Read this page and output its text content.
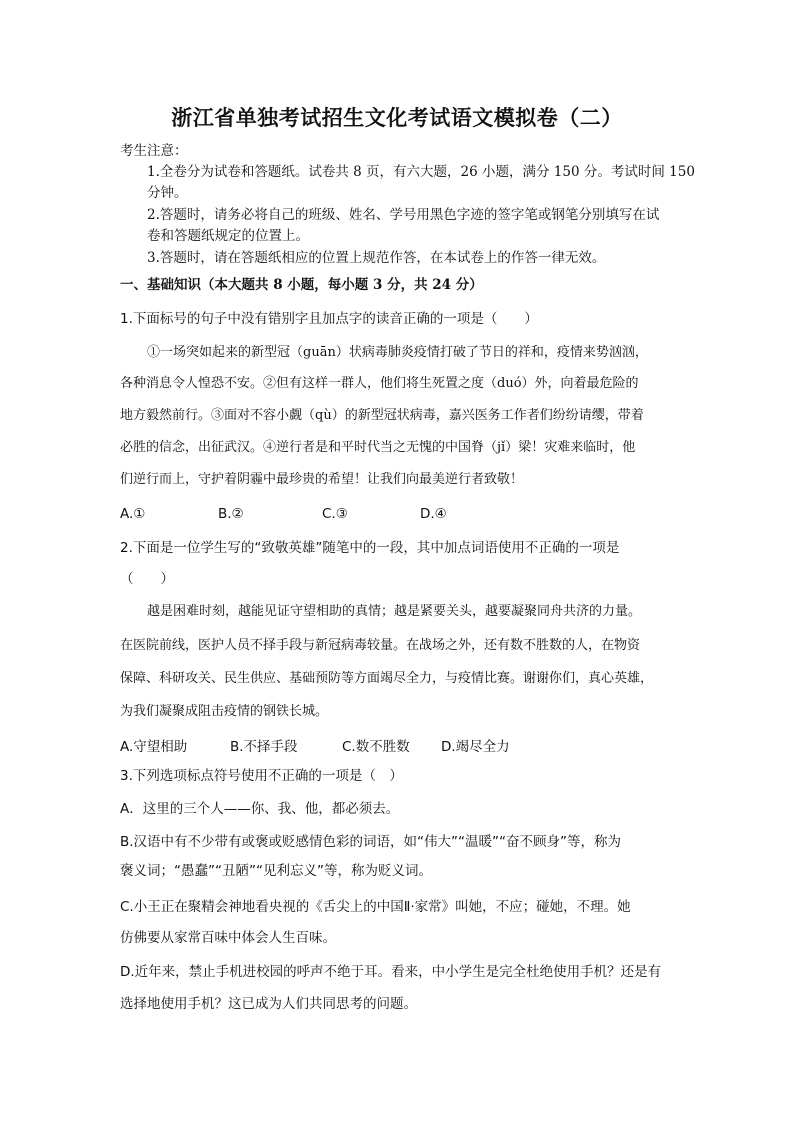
浙江省单独考试招生文化考试语文模拟卷（二）
考生注意：
1.全卷分为试卷和答题纸。试卷共 8 页，有六大题，26 小题，满分 150 分。考试时间 150
分钟。
2.答题时，请务必将自己的班级、姓名、学号用黑色字迹的签字笔或钢笔分别填写在试
卷和答题纸规定的位置上。
3.答题时，请在答题纸相应的位置上规范作答，在本试卷上的作答一律无效。
一、基础知识（本大题共 8 小题，每小题 3 分，共 24 分）
1.下面标号的句子中没有错别字且加点字的读音正确的一项是（　　）
①一场突如起来的新型冠（guān）状病毒肺炎疫情打破了节日的祥和，疫情来势汹汹，
各种消息令人惶恐不安。②但有这样一群人，他们将生死置之度（duó）外，向着最危险的
地方毅然前行。③面对不容小觑（qù）的新型冠状病毒，嘉兴医务工作者们纷纷请缨，带着
必胜的信念，出征武汉。④逆行者是和平时代当之无愧的中国脊（jǐ）梁！灾难来临时，他
们逆行而上，守护着阴霾中最珍贵的希望！让我们向最美逆行者致敬！
A.①	B.②	C.③	D.④
2.下面是一位学生写的“致敬英雄”随笔中的一段，其中加点词语使用不正确的一项是
（　　）
越是困难时刻，越能见证守望相助的真情；越是紧要关头，越要凝聚同舟共济的力量。
在医院前线，医护人员不择手段与新冠病毒较量。在战场之外，还有数不胜数的人，在物资
保障、科研攻关、民生供应、基础预防等方面竭尽全力，与疫情比赛。谢谢你们，真心英雄，
为我们凝聚成阻击疫情的钢铁长城。
A.守望相助	B.不择手段	C.数不胜数 D.竭尽全力
3.下列选项标点符号使用不正确的一项是（　）
A．这里的三个人——你、我、他，都必须去。
B.汉语中有不少带有或褒或贬感情色彩的词语，如“伟大”“温暖”“奋不顾身”等，称为
褒义词；“愚蠢”“丑陋”“见利忘义”等，称为贬义词。
C.小王正在聚精会神地看央视的《舌尖上的中国Ⅱ·家常》叫她，不应；碰她，不理。她
仿佛要从家常百味中体会人生百味。
D.近年来，禁止手机进校园的呼声不绝于耳。看来，中小学生是完全杜绝使用手机？还是有
选择地使用手机？这已成为人们共同思考的问题。
